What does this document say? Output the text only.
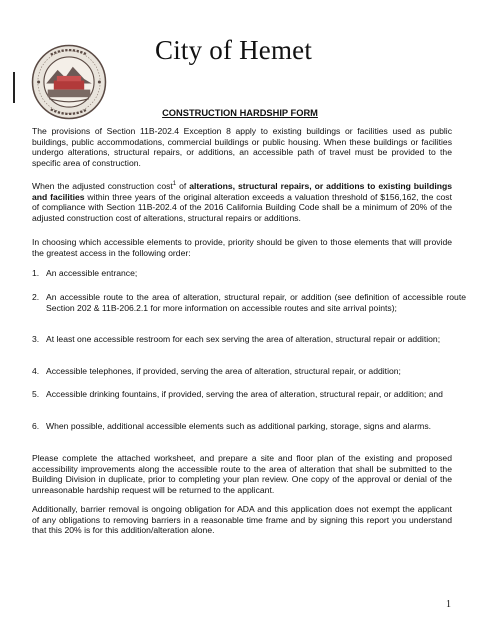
City of Hemet
CONSTRUCTION HARDSHIP FORM
The provisions of Section 11B-202.4 Exception 8 apply to existing buildings or facilities used as public buildings, public accommodations, commercial buildings or public housing. When these buildings or facilities undergo alterations, structural repairs, or additions, an accessible path of travel must be provided to the specific area of construction.
When the adjusted construction cost$^1$ of alterations, structural repairs, or additions to existing buildings and facilities within three years of the original alteration exceeds a valuation threshold of $156,162, the cost of compliance with Section 11B-202.4 of the 2016 California Building Code shall be a minimum of 20% of the adjusted construction cost of alterations, structural repairs or additions.
In choosing which accessible elements to provide, priority should be given to those elements that will provide the greatest access in the following order:
1. An accessible entrance;
2. An accessible route to the area of alteration, structural repair, or addition (see definition of accessible route Section 202 & 11B-206.2.1 for more information on accessible routes and site arrival points);
3. At least one accessible restroom for each sex serving the area of alteration, structural repair or addition;
4. Accessible telephones, if provided, serving the area of alteration, structural repair, or addition;
5. Accessible drinking fountains, if provided, serving the area of alteration, structural repair, or addition; and
6. When possible, additional accessible elements such as additional parking, storage, signs and alarms.
Please complete the attached worksheet, and prepare a site and floor plan of the existing and proposed accessibility improvements along the accessible route to the area of alteration that shall be submitted to the Building Division in duplicate, prior to completing your plan review. One copy of the approval or denial of the unreasonable hardship request will be returned to the applicant.
Additionally, barrier removal is ongoing obligation for ADA and this application does not exempt the applicant of any obligations to removing barriers in a reasonable time frame and by signing this report you understand that this 20% is for this addition/alteration alone.
1
